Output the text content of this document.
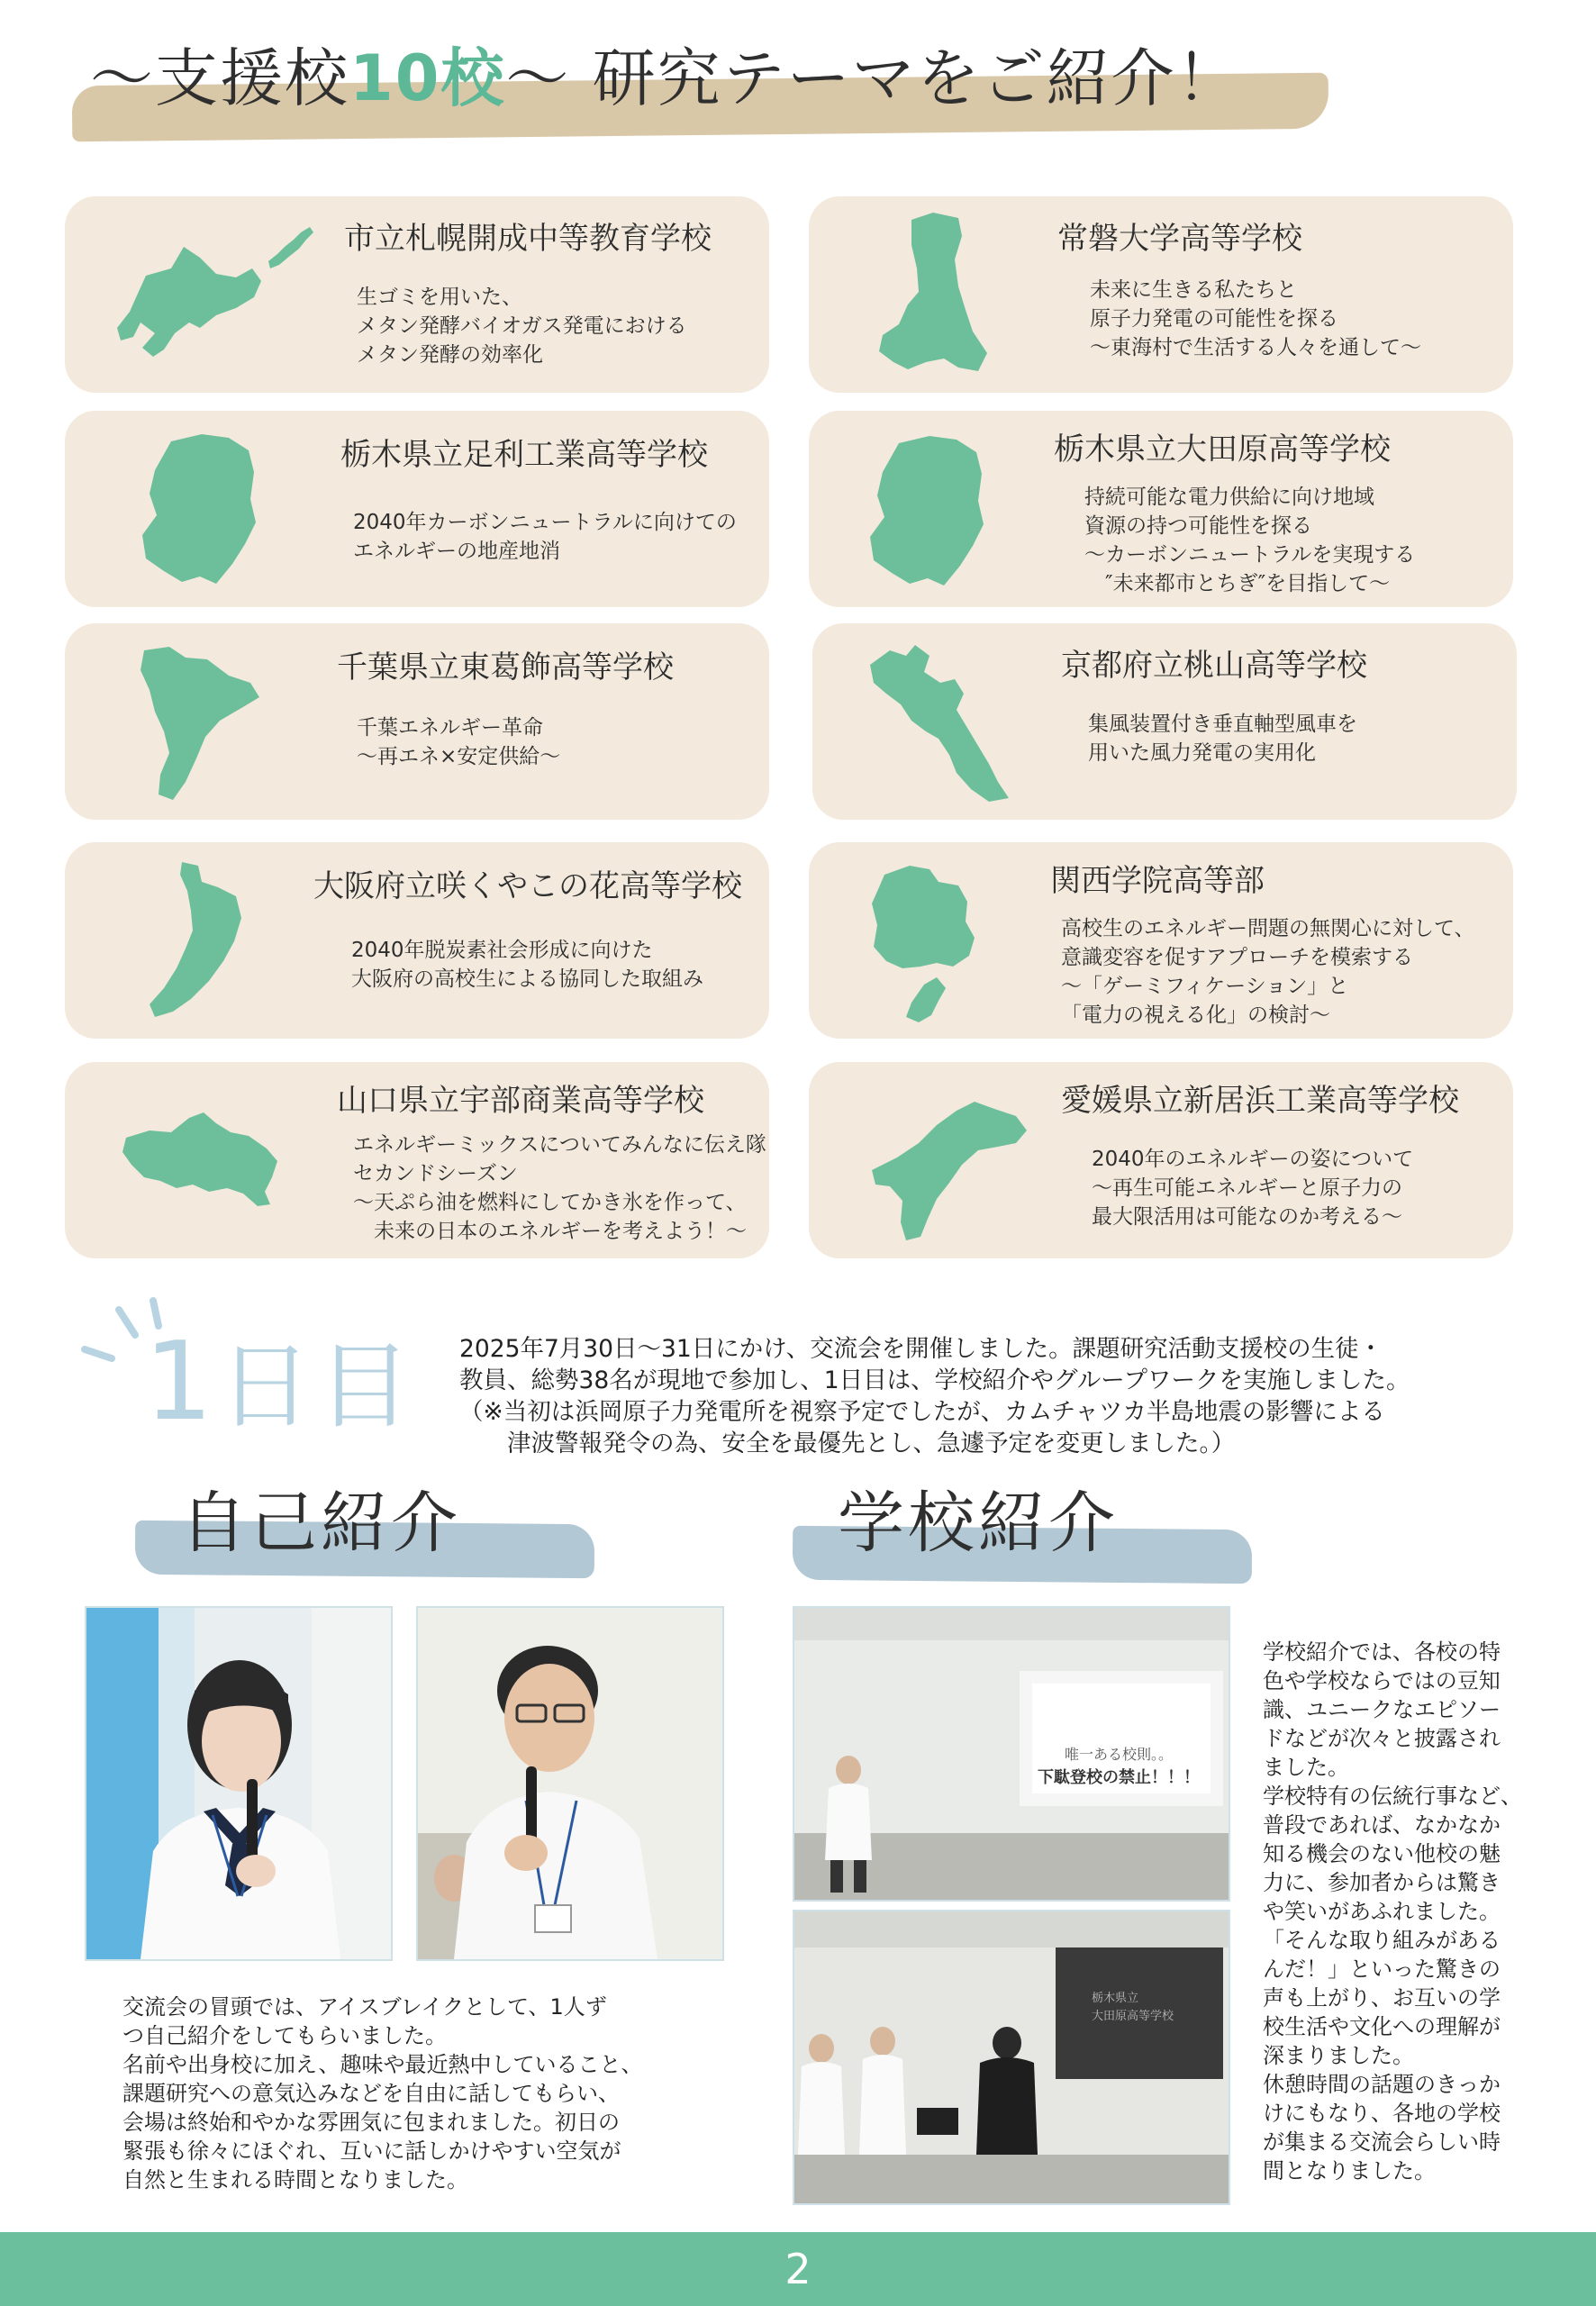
～支援校10校～ 研究テーマをご紹介！
市立札幌開成中等教育学校
生ゴミを用いた、
メタン発酵バイオガス発電における
メタン発酵の効率化
常磐大学高等学校
未来に生きる私たちと
原子力発電の可能性を探る
～東海村で生活する人々を通して～
栃木県立足利工業高等学校
2040年カーボンニュートラルに向けての
エネルギーの地産地消
栃木県立大田原高等学校
持続可能な電力供給に向け地域
資源の持つ可能性を探る
～カーボンニュートラルを実現する
　″未来都市とちぎ″を目指して～
千葉県立東葛飾高等学校
千葉エネルギー革命
～再エネ×安定供給～
京都府立桃山高等学校
集風装置付き垂直軸型風車を
用いた風力発電の実用化
大阪府立咲くやこの花高等学校
2040年脱炭素社会形成に向けた
大阪府の高校生による協同した取組み
関西学院高等部
高校生のエネルギー問題の無関心に対して、
意識変容を促すアプローチを模索する
～「ゲーミフィケーション」と
「電力の視える化」の検討～
山口県立宇部商業高等学校
エネルギーミックスについてみんなに伝え隊
セカンドシーズン
～天ぷら油を燃料にしてかき氷を作って、
　未来の日本のエネルギーを考えよう！～
愛媛県立新居浜工業高等学校
2040年のエネルギーの姿について
～再生可能エネルギーと原子力の
最大限活用は可能なのか考える～
1日目 2025年7月30日～31日にかけ、交流会を開催しました。課題研究活動支援校の生徒・
教員、総勢38名が現地で参加し、1日目は、学校紹介やグループワークを実施しました。
（※当初は浜岡原子力発電所を視察予定でしたが、カムチャツカ半島地震の影響による
　　津波警報発令の為、安全を最優先とし、急遽予定を変更しました。）
自己紹介	学校紹介
交流会の冒頭では、アイスブレイクとして、1人ず
つ自己紹介をしてもらいました。
名前や出身校に加え、趣味や最近熱中していること、
課題研究への意気込みなどを自由に話してもらい、
会場は終始和やかな雰囲気に包まれました。初日の
緊張も徐々にほぐれ、互いに話しかけやすい空気が
自然と生まれる時間となりました。
唯一ある校則。。
下駄登校の禁止！！！
栃木県立
大田原高等学校
学校紹介では、各校の特
色や学校ならではの豆知
識、ユニークなエピソー
ドなどが次々と披露され
ました。
学校特有の伝統行事など、
普段であれば、なかなか
知る機会のない他校の魅
力に、参加者からは驚き
や笑いがあふれました。
「そんな取り組みがある
んだ！」といった驚きの
声も上がり、お互いの学
校生活や文化への理解が
深まりました。
休憩時間の話題のきっか
けにもなり、各地の学校
が集まる交流会らしい時
間となりました。
2
